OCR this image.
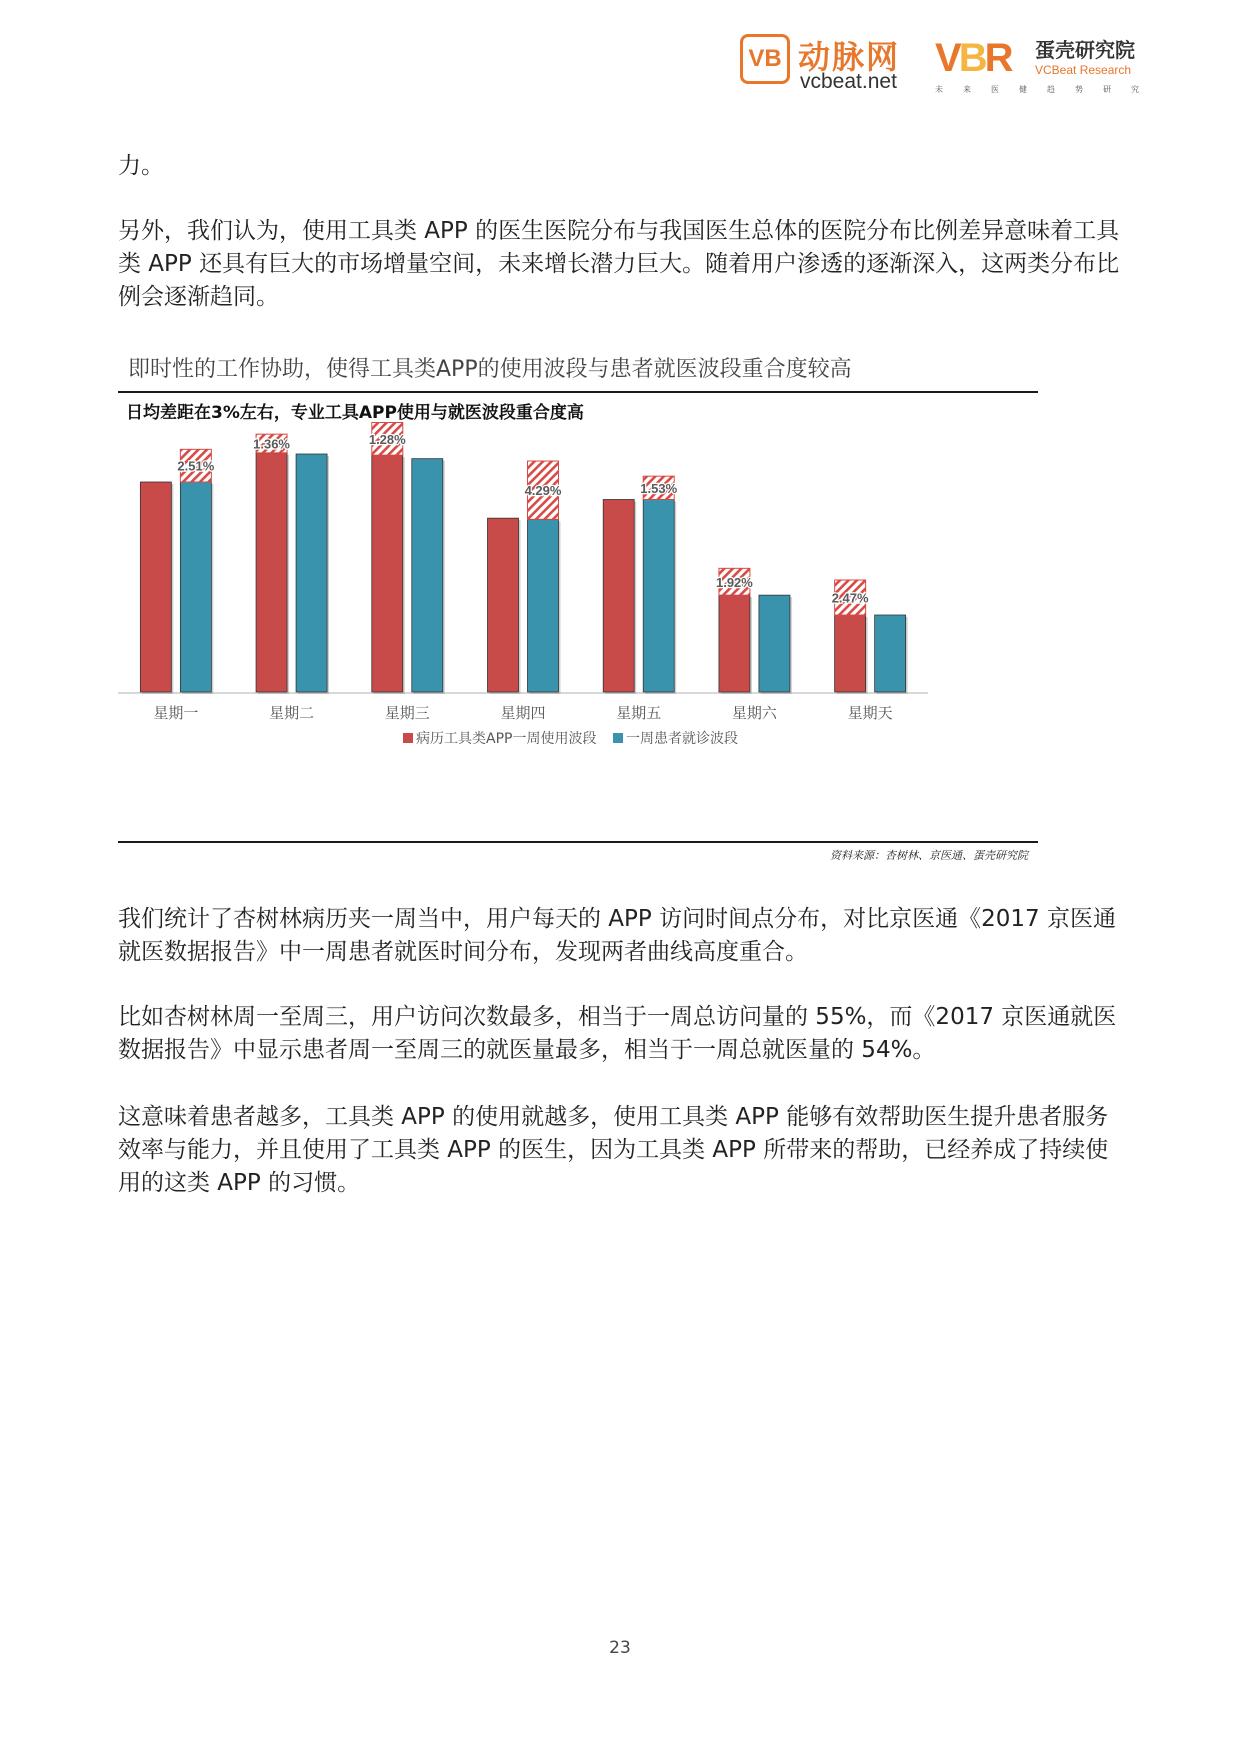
VB 动脉网
vcbeat.net
VBR 蛋壳研究院
VCBeat Research
未来医健趋势研究

力。

另外，我们认为，使用工具类 APP 的医生医院分布与我国医生总体的医院分布比例差异意味着工具类 APP 还具有巨大的市场增量空间，未来增长潜力巨大。随着用户渗透的逐渐深入，这两类分布比例会逐渐趋同。

即时性的工作协助，使得工具类APP的使用波段与患者就医波段重合度较高
日均差距在3%左右，专业工具APP使用与就医波段重合度高
2.51%
星期一
1.36%
星期二
1.28%
星期三
4.29%
星期四
1.53%
星期五
1.92%
星期六
2.47%
星期天
病历工具类APP一周使用波段 一周患者就诊波段
资料来源：杏树林、京医通、蛋壳研究院

我们统计了杏树林病历夹一周当中，用户每天的 APP 访问时间点分布，对比京医通《2017 京医通就医数据报告》中一周患者就医时间分布，发现两者曲线高度重合。

比如杏树林周一至周三，用户访问次数最多，相当于一周总访问量的 55%，而《2017 京医通就医数据报告》中显示患者周一至周三的就医量最多，相当于一周总就医量的 54%。

这意味着患者越多，工具类 APP 的使用就越多，使用工具类 APP 能够有效帮助医生提升患者服务效率与能力，并且使用了工具类 APP 的医生，因为工具类 APP 所带来的帮助，已经养成了持续使用的这类 APP 的习惯。

23
